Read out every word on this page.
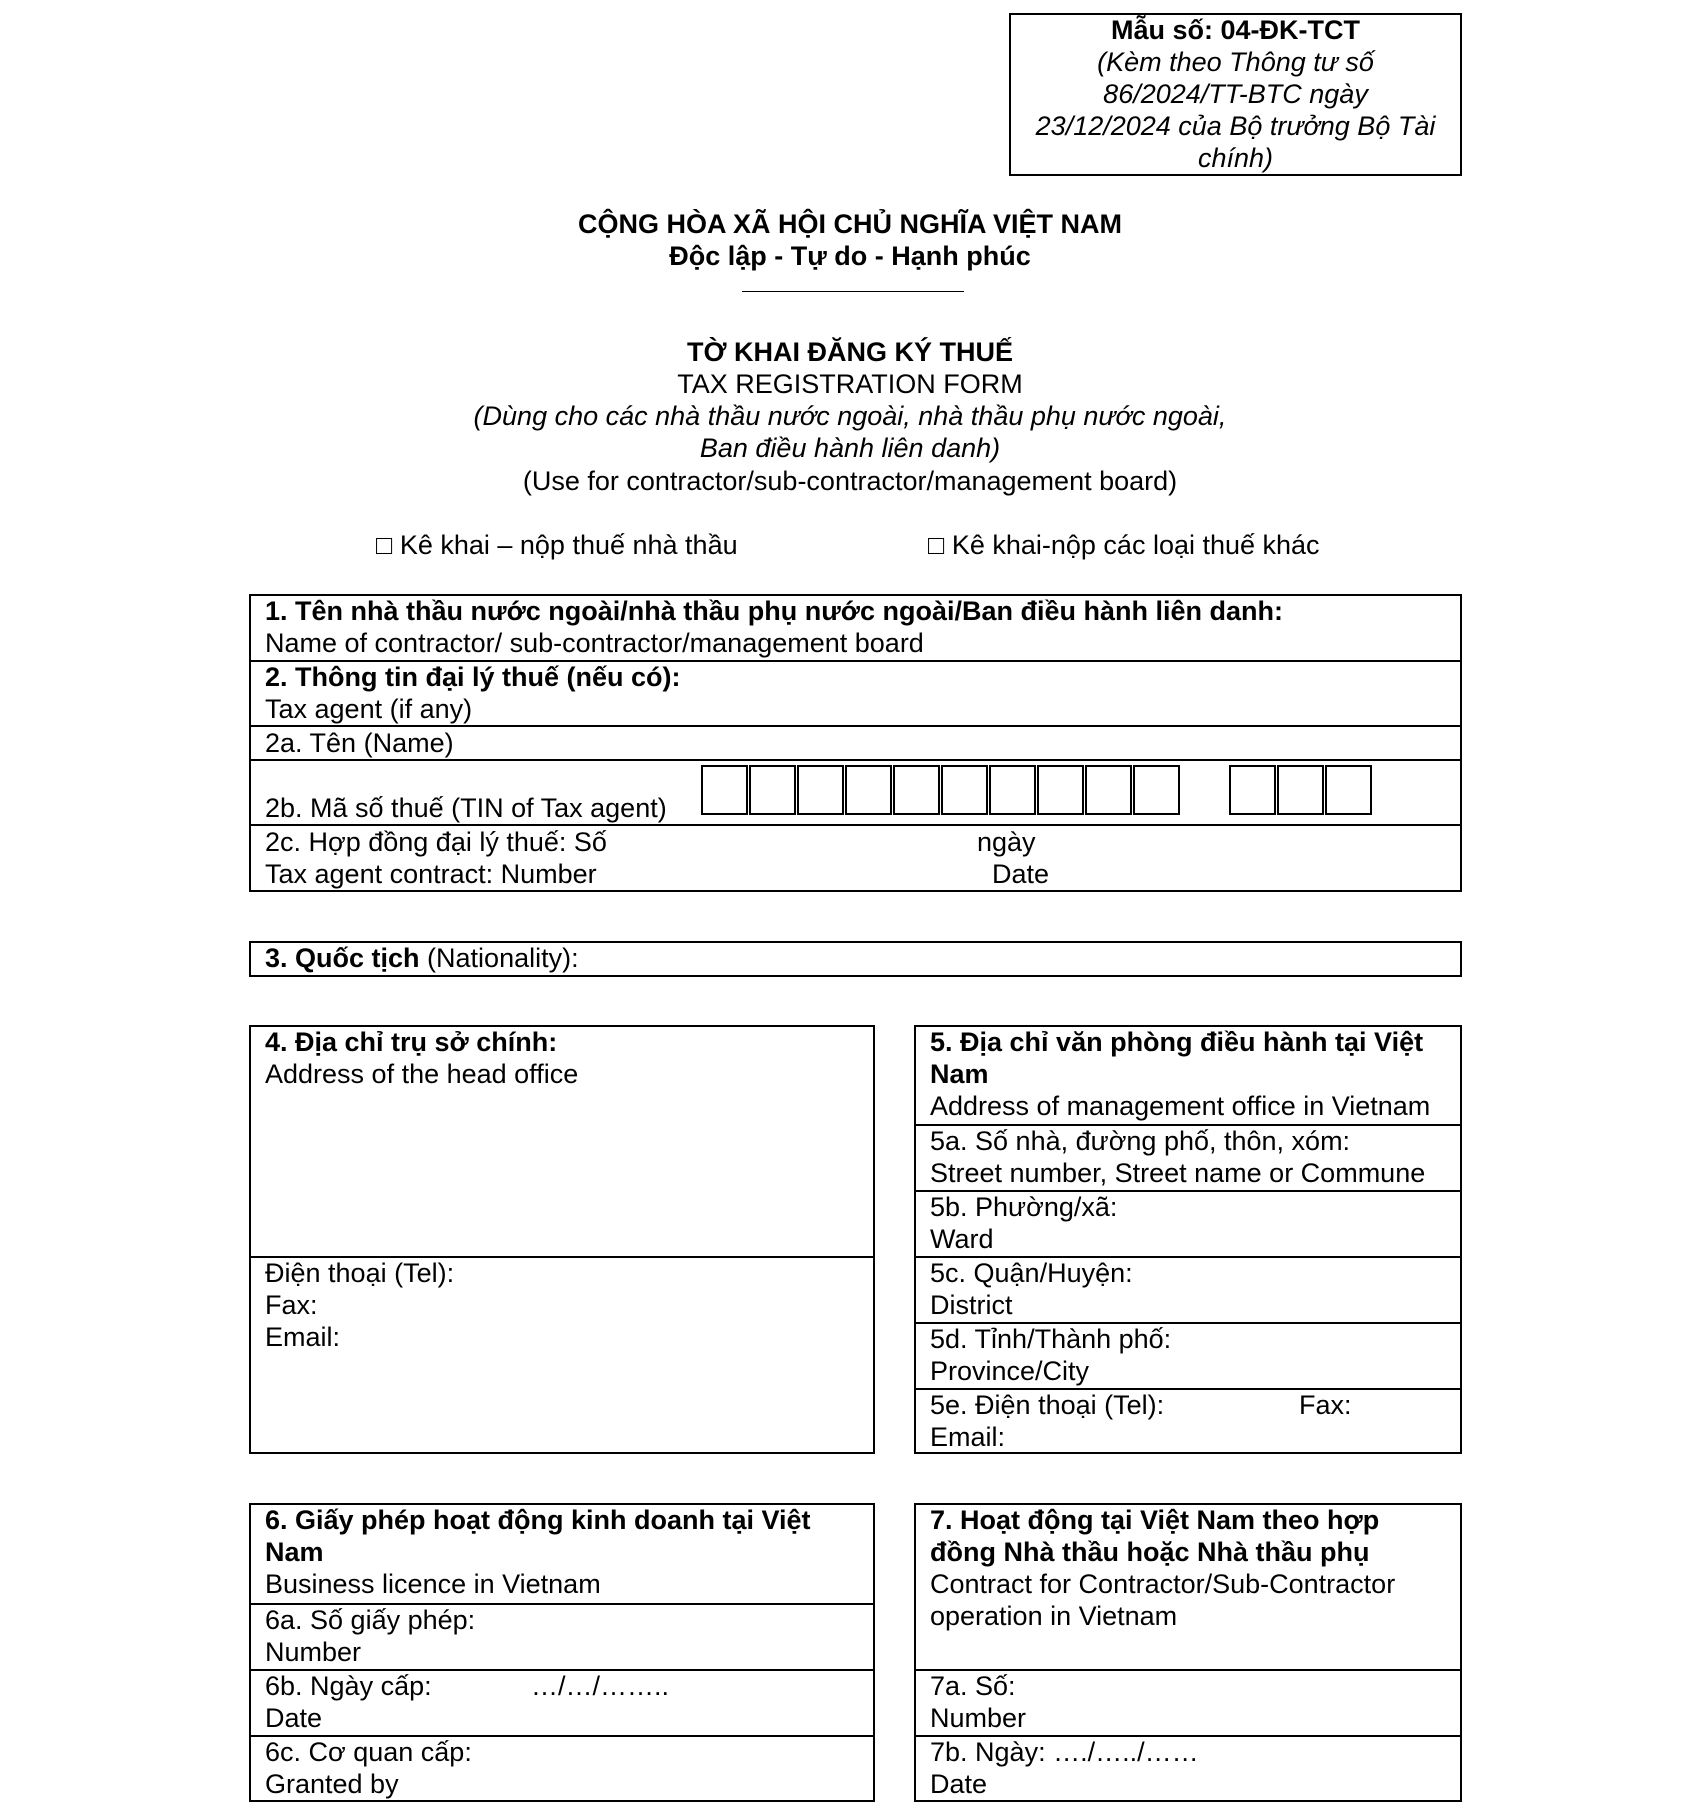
Mẫu số: 04-ĐK-TCT
(Kèm theo Thông tư số
86/2024/TT-BTC ngày
23/12/2024 của Bộ trưởng Bộ Tài
chính)
CỘNG HÒA XÃ HỘI CHỦ NGHĨA VIỆT NAM
Độc lập - Tự do - Hạnh phúc
TỜ KHAI ĐĂNG KÝ THUẾ
TAX REGISTRATION FORM
(Dùng cho các nhà thầu nước ngoài, nhà thầu phụ nước ngoài,
Ban điều hành liên danh)
(Use for contractor/sub-contractor/management board)
□ Kê khai – nộp thuế nhà thầu	□ Kê khai-nộp các loại thuế khác
1. Tên nhà thầu nước ngoài/nhà thầu phụ nước ngoài/Ban điều hành liên danh:
Name of contractor/ sub-contractor/management board
2. Thông tin đại lý thuế (nếu có):
Tax agent (if any)
2a. Tên (Name)
2b. Mã số thuế (TIN of Tax agent)
2c. Hợp đồng đại lý thuế: Số	ngày
Tax agent contract: Number	Date
3. Quốc tịch (Nationality):
4. Địa chỉ trụ sở chính:
Address of the head office
Điện thoại (Tel):
Fax:
Email:
5. Địa chỉ văn phòng điều hành tại Việt
Nam
Address of management office in Vietnam
5a. Số nhà, đường phố, thôn, xóm:
Street number, Street name or Commune
5b. Phường/xã:
Ward
5c. Quận/Huyện:
District
5d. Tỉnh/Thành phố:
Province/City
5e. Điện thoại (Tel):	Fax:
Email:
6. Giấy phép hoạt động kinh doanh tại Việt
Nam
Business licence in Vietnam
6a. Số giấy phép:
Number
6b. Ngày cấp:	…/…/……..
Date
6c. Cơ quan cấp:
Granted by
7. Hoạt động tại Việt Nam theo hợp
đồng Nhà thầu hoặc Nhà thầu phụ
Contract for Contractor/Sub-Contractor
operation in Vietnam
7a. Số:
Number
7b. Ngày: …./…../……
Date
